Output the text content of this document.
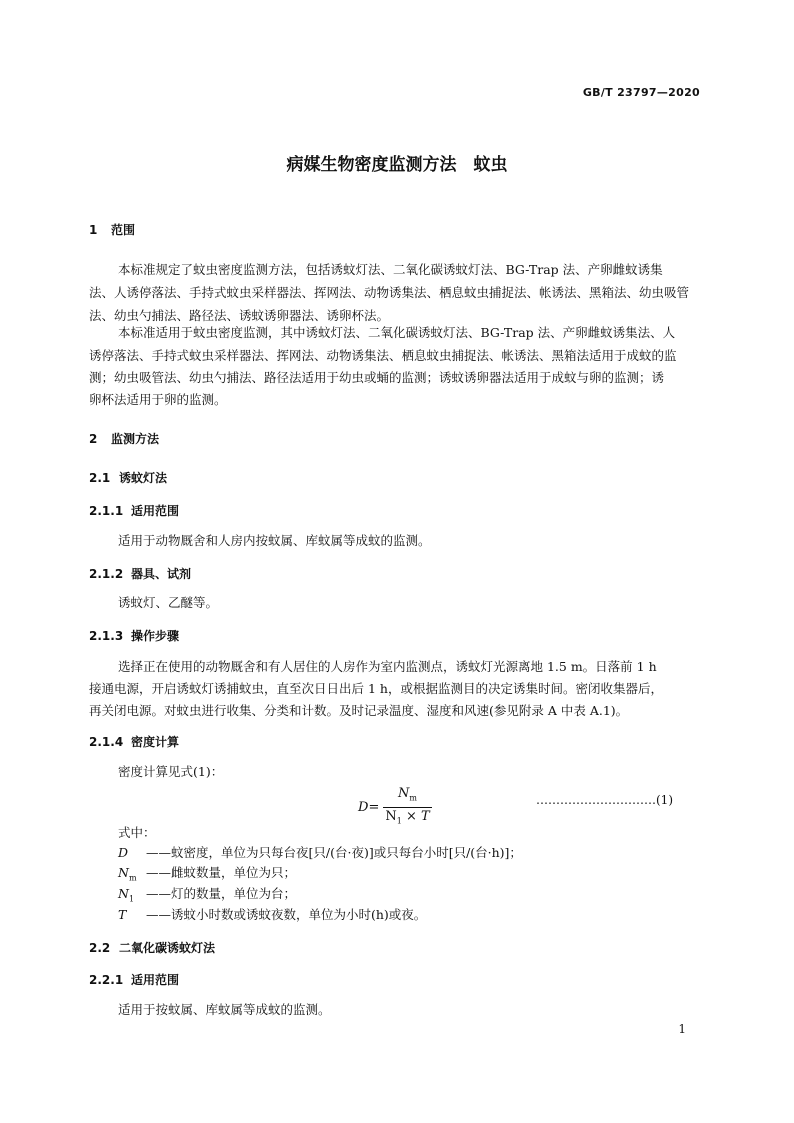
GB/T 23797—2020
病媒生物密度监测方法　蚊虫
1 范围
本标准规定了蚊虫密度监测方法，包括诱蚊灯法、二氧化碳诱蚊灯法、BG-Trap 法、产卵雌蚊诱集
法、人诱停落法、手持式蚊虫采样器法、挥网法、动物诱集法、栖息蚊虫捕捉法、帐诱法、黑箱法、幼虫吸管
法、幼虫勺捕法、路径法、诱蚊诱卵器法、诱卵杯法。
本标准适用于蚊虫密度监测，其中诱蚊灯法、二氧化碳诱蚊灯法、BG-Trap 法、产卵雌蚊诱集法、人
诱停落法、手持式蚊虫采样器法、挥网法、动物诱集法、栖息蚊虫捕捉法、帐诱法、黑箱法适用于成蚊的监
测；幼虫吸管法、幼虫勺捕法、路径法适用于幼虫或蛹的监测；诱蚊诱卵器法适用于成蚊与卵的监测；诱
卵杯法适用于卵的监测。
2 监测方法
2.1 诱蚊灯法
2.1.1 适用范围
适用于动物厩舍和人房内按蚊属、库蚊属等成蚊的监测。
2.1.2 器具、试剂
诱蚊灯、乙醚等。
2.1.3 操作步骤
选择正在使用的动物厩舍和有人居住的人房作为室内监测点，诱蚊灯光源离地 1.5 m。日落前 1 h
接通电源，开启诱蚊灯诱捕蚊虫，直至次日日出后 1 h，或根据监测目的决定诱集时间。密闭收集器后，
再关闭电源。对蚊虫进行收集、分类和计数。及时记录温度、湿度和风速(参见附录 A 中表 A.1)。
2.1.4 密度计算
密度计算见式(1)：
$D= \frac{N_m}{N_1 \times T}$	…………………………(1)
式中：
D ——蚊密度，单位为只每台夜[只/(台·夜)]或只每台小时[只/(台·h)]；
$N_m$ ——雌蚊数量，单位为只；
$N_1$ ——灯的数量，单位为台；
T ——诱蚊小时数或诱蚊夜数，单位为小时(h)或夜。
2.2 二氧化碳诱蚊灯法
2.2.1 适用范围
适用于按蚊属、库蚊属等成蚊的监测。
1
